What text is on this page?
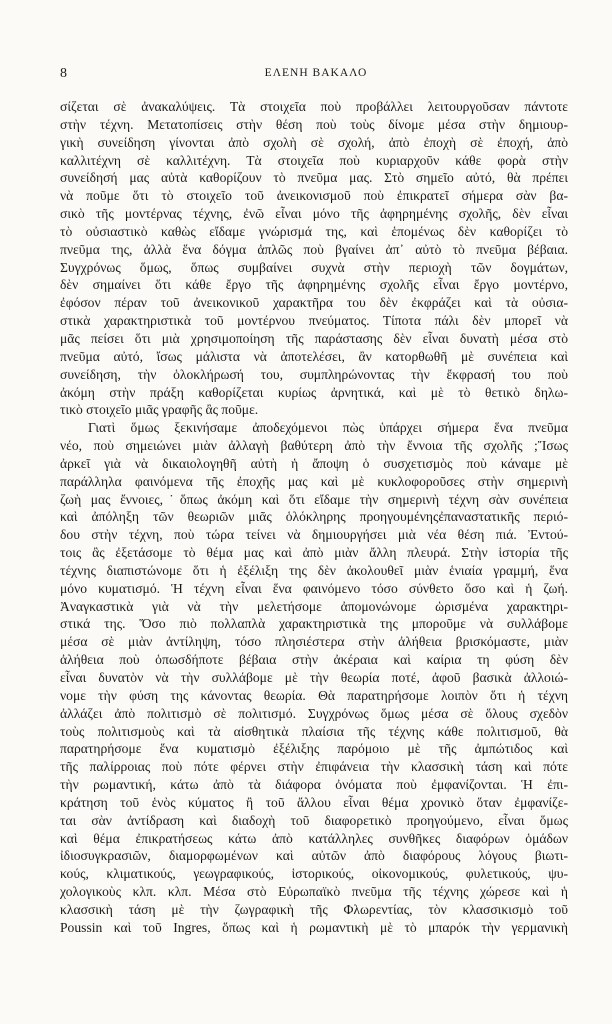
8	ΕΛΕΝΗ ΒΑΚΑΛΟ
σίζεται σὲ ἀνακαλύψεις. Τὰ στοιχεῖα ποὺ προβάλλει λειτουργοῦσαν πάντοτε
στὴν τέχνη. Μετατοπίσεις στὴν θέση ποὺ τοὺς δίνομε μέσα στὴν δημιουρ-
γικὴ συνείδηση γίνονται ἀπὸ σχολὴ σὲ σχολή, ἀπὸ ἐποχὴ σὲ ἐποχή, ἀπὸ
καλλιτέχνη σὲ καλλιτέχνη. Τὰ στοιχεῖα ποὺ κυριαρχοῦν κάθε φορὰ στὴν
συνείδησή μας αὐτὰ καθορίζουν τὸ πνεῦμα μας. Στὸ σημεῖο αὐτό, θὰ πρέπει
νὰ ποῦμε ὅτι τὸ στοιχεῖο τοῦ ἀνεικονισμοῦ ποὺ ἐπικρατεῖ σήμερα σὰν βα-
σικὸ τῆς μοντέρνας τέχνης, ἐνῶ εἶναι μόνο τῆς ἀφηρημένης σχολῆς, δὲν εἶναι
τὸ οὐσιαστικὸ καθὼς εἴδαμε γνώρισμά της, καὶ ἑπομένως δὲν καθορίζει τὸ
πνεῦμα της, ἀλλὰ ἕνα δόγμα ἁπλῶς ποὺ βγαίνει ἀπ᾽ αὐτὸ τὸ πνεῦμα βέβαια.
Συγχρόνως ὅμως, ὅπως συμβαίνει συχνὰ στὴν περιοχὴ τῶν δογμάτων,
δὲν σημαίνει ὅτι κάθε ἔργο τῆς ἀφηρημένης σχολῆς εἶναι ἔργο μοντέρνο,
ἐφόσον πέραν τοῦ ἀνεικονικοῦ χαρακτῆρα του δὲν ἐκφράζει καὶ τὰ οὐσια-
στικὰ χαρακτηριστικὰ τοῦ μοντέρνου πνεύματος. Τίποτα πάλι δὲν μπορεῖ νὰ
μᾶς πείσει ὅτι μιὰ χρησιμοποίηση τῆς παράστασης δὲν εἶναι δυνατὴ μέσα στὸ
πνεῦμα αὐτό, ἴσως μάλιστα νὰ ἀποτελέσει, ἂν κατορθωθῆ μὲ συνέπεια καὶ
συνείδηση, τὴν ὁλοκλήρωσή του, συμπληρώνοντας τὴν ἔκφρασή του ποὺ
ἀκόμη στὴν πράξη καθορίζεται κυρίως ἀρνητικά, καὶ μὲ τὸ θετικὸ δηλω-
τικὸ στοιχεῖο μιᾶς γραφῆς ἂς ποῦμε.
Γιατὶ ὅμως ξεκινήσαμε ἀποδεχόμενοι πὼς ὑπάρχει σήμερα ἕνα πνεῦμα
νέο, ποὺ σημειώνει μιὰν ἀλλαγὴ βαθύτερη ἀπὸ τὴν ἔννοια τῆς σχολῆς ;Ἴσως
ἀρκεῖ γιὰ νὰ δικαιολογηθῆ αὐτὴ ἡ ἄποψη ὁ συσχετισμὸς ποὺ κάναμε μὲ
παράλληλα φαινόμενα τῆς ἐποχῆς μας καὶ μὲ κυκλοφοροῦσες στὴν σημερινὴ
ζωὴ μας ἔννοιες,˙ὅπως ἀκόμη καὶ ὅτι εἴδαμε τὴν σημερινὴ τέχνη σὰν συνέπεια
καὶ ἀπόληξη τῶν θεωριῶν μιᾶς ὁλόκληρης προηγουμένηςἐπαναστατικῆς περιό-
δου στὴν τέχνη, ποὺ τώρα τείνει νὰ δημιουργήσει μιὰ νέα θέση πιά. Ἐντού-
τοις ἂς ἐξετάσομε τὸ θέμα μας καὶ ἀπὸ μιὰν ἄλλη πλευρά. Στὴν ἱστορία τῆς
τέχνης διαπιστώνομε ὅτι ἡ ἐξέλιξη της δὲν ἀκολουθεῖ μιὰν ἑνιαία γραμμή, ἕνα
μόνο κυματισμό. Ἡ τέχνη εἶναι ἕνα φαινόμενο τόσο σύνθετο ὅσο καὶ ἡ ζωή.
Ἀναγκαστικὰ γιὰ νὰ τὴν μελετήσομε ἀπομονώνομε ὡρισμένα χαρακτηρι-
στικά της. Ὅσο πιὸ πολλαπλὰ χαρακτηριστικὰ της μποροῦμε νὰ συλλάβομε
μέσα σὲ μιὰν ἀντίληψη, τόσο πλησιέστερα στὴν ἀλήθεια βρισκόμαστε, μιὰν
ἀλήθεια ποὺ ὁπωσδήποτε βέβαια στὴν ἀκέραια καὶ καίρια τη φύση δὲν
εἶναι δυνατὸν νὰ τὴν συλλάβομε μὲ τὴν θεωρία ποτέ, ἀφοῦ βασικὰ ἀλλοιώ-
νομε τὴν φύση της κάνοντας θεωρία. Θὰ παρατηρήσομε λοιπὸν ὅτι ἡ τέχνη
ἀλλάζει ἀπὸ πολιτισμὸ σὲ πολιτισμό. Συγχρόνως ὅμως μέσα σὲ ὅλους σχεδὸν
τοὺς πολιτισμοὺς καὶ τὰ αἰσθητικὰ πλαίσια τῆς τέχνης κάθε πολιτισμοῦ, θὰ
παρατηρήσομε ἕνα κυματισμὸ ἐξέλιξης παρόμοιο μὲ τῆς ἀμπώτιδος καὶ
τῆς παλίρροιας ποὺ πότε φέρνει στὴν ἐπιφάνεια τὴν κλασσικὴ τάση καὶ πότε
τὴν ρωμαντική, κάτω ἀπὸ τὰ διάφορα ὀνόματα ποὺ ἐμφανίζονται. Ἡ ἐπι-
κράτηση τοῦ ἑνὸς κύματος ἢ τοῦ ἄλλου εἶναι θέμα χρονικὸ ὅταν ἐμφανίζε-
ται σὰν ἀντίδραση καὶ διαδοχὴ τοῦ διαφορετικὸ προηγούμενο, εἶναι ὅμως
καὶ θέμα ἐπικρατήσεως κάτω ἀπὸ κατάλληλες συνθῆκες διαφόρων ὁμάδων
ἰδιοσυγκρασιῶν, διαμορφωμένων καὶ αὐτῶν ἀπὸ διαφόρους λόγους βιωτι-
κούς, κλιματικούς, γεωγραφικούς, ἱστορικούς, οἰκονομικούς, φυλετικούς, ψυ-
χολογικοὺς κλπ. κλπ. Μέσα στὸ Εὐρωπαϊκὸ πνεῦμα τῆς τέχνης χώρεσε καὶ ἡ
κλασσικὴ τάση μὲ τὴν ζωγραφικὴ τῆς Φλωρεντίας, τὸν κλασσικισμὸ τοῦ
Poussin καὶ τοῦ Ingres, ὅπως καὶ ἡ ρωμαντικὴ μὲ τὸ μπαρόκ τὴν γερμανικὴ
